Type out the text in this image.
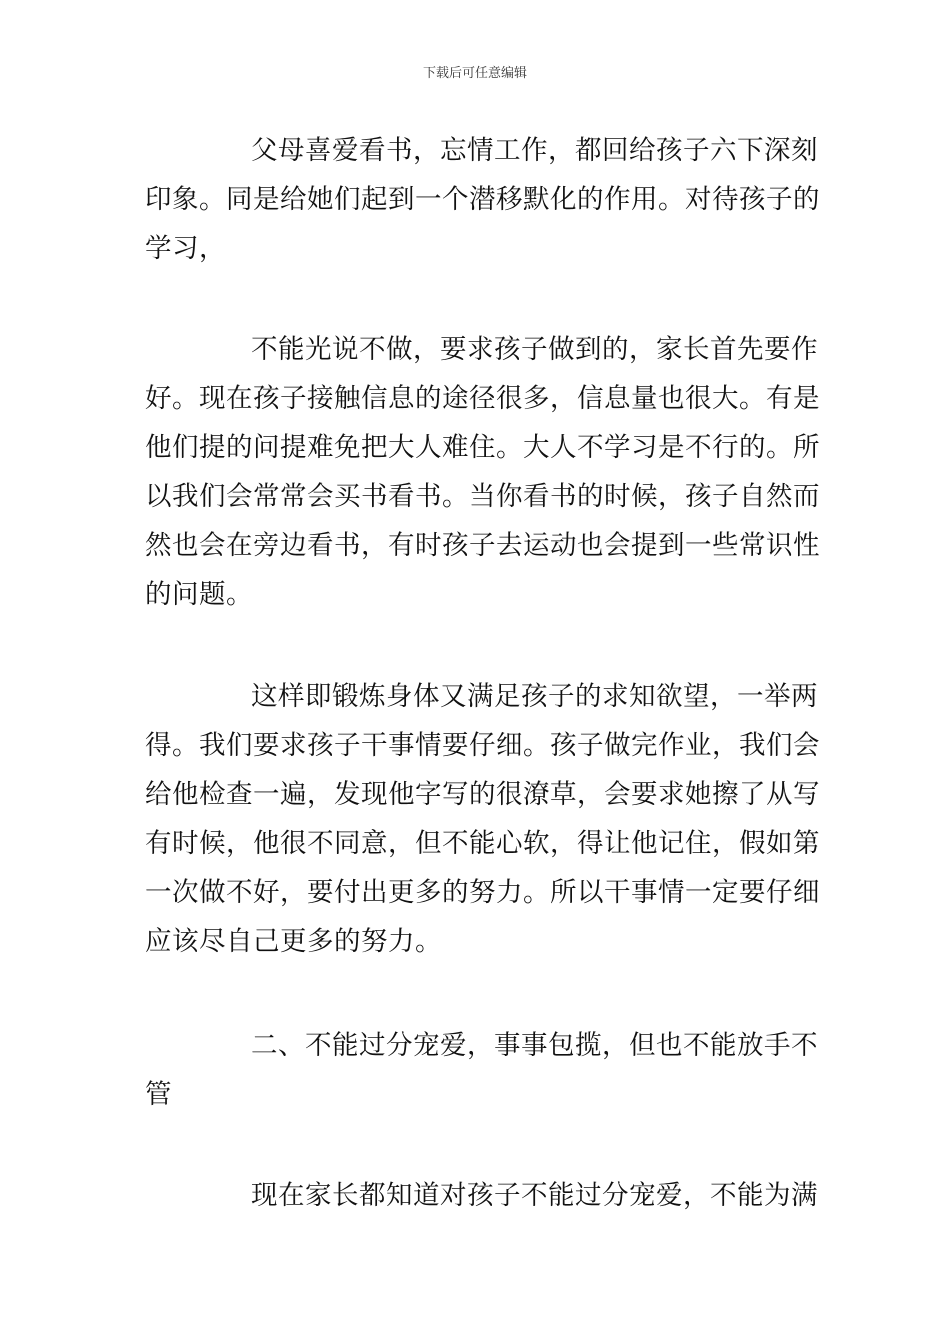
下载后可任意编辑

父母喜爱看书，忘情工作，都回给孩子六下深刻
印象。同是给她们起到一个潜移默化的作用。对待孩子的
学习，

不能光说不做，要求孩子做到的，家长首先要作
好。现在孩子接触信息的途径很多，信息量也很大。有是
他们提的问提难免把大人难住。大人不学习是不行的。所
以我们会常常会买书看书。当你看书的时候，孩子自然而
然也会在旁边看书，有时孩子去运动也会提到一些常识性
的问题。

这样即锻炼身体又满足孩子的求知欲望，一举两
得。我们要求孩子干事情要仔细。孩子做完作业，我们会
给他检查一遍，发现他字写的很潦草，会要求她擦了从写
有时候，他很不同意，但不能心软，得让他记住，假如第
一次做不好，要付出更多的努力。所以干事情一定要仔细
应该尽自己更多的努力。

二、不能过分宠爱，事事包揽，但也不能放手不
管

现在家长都知道对孩子不能过分宠爱，不能为满
